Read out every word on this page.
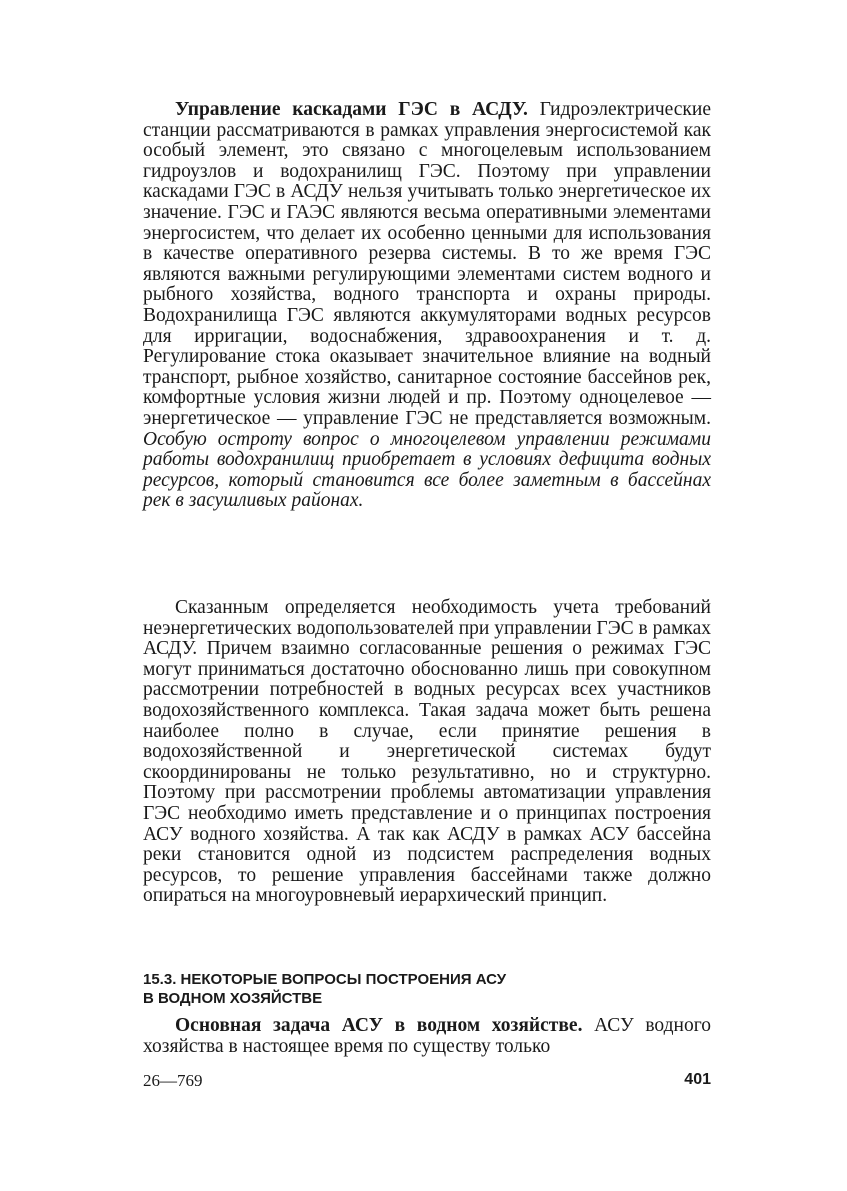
Управление каскадами ГЭС в АСДУ. Гидроэлектрические станции рассматриваются в рамках управления энергосистемой как особый элемент, это связано с многоцелевым использованием гидроузлов и водохранилищ ГЭС. Поэтому при управлении каскадами ГЭС в АСДУ нельзя учитывать только энергетическое их значение. ГЭС и ГАЭС являются весьма оперативными элементами энергосистем, что делает их особенно ценными для использования в качестве оперативного резерва системы. В то же время ГЭС являются важными регулирующими элементами систем водного и рыбного хозяйства, водного транспорта и охраны природы. Водохранилища ГЭС являются аккумуляторами водных ресурсов для ирригации, водоснабжения, здравоохранения и т. д. Регулирование стока оказывает значительное влияние на водный транспорт, рыбное хозяйство, санитарное состояние бассейнов рек, комфортные условия жизни людей и пр. Поэтому одноцелевое — энергетическое — управление ГЭС не представляется возможным. Особую остроту вопрос о многоцелевом управлении режимами работы водохранилищ приобретает в условиях дефицита водных ресурсов, который становится все более заметным в бассейнах рек в засушливых районах.

Сказанным определяется необходимость учета требований неэнергетических водопользователей при управлении ГЭС в рамках АСДУ. Причем взаимно согласованные решения о режимах ГЭС могут приниматься достаточно обоснованно лишь при совокупном рассмотрении потребностей в водных ресурсах всех участников водохозяйственного комплекса. Такая задача может быть решена наиболее полно в случае, если принятие решения в водохозяйственной и энергетической системах будут скоординированы не только результативно, но и структурно. Поэтому при рассмотрении проблемы автоматизации управления ГЭС необходимо иметь представление и о принципах построения АСУ водного хозяйства. А так как АСДУ в рамках АСУ бассейна реки становится одной из подсистем распределения водных ресурсов, то решение управления бассейнами также должно опираться на многоуровневый иерархический принцип.

15.3. НЕКОТОРЫЕ ВОПРОСЫ ПОСТРОЕНИЯ АСУ
В ВОДНОМ ХОЗЯЙСТВЕ

Основная задача АСУ в водном хозяйстве. АСУ водного хозяйства в настоящее время по существу только

26—769	401
